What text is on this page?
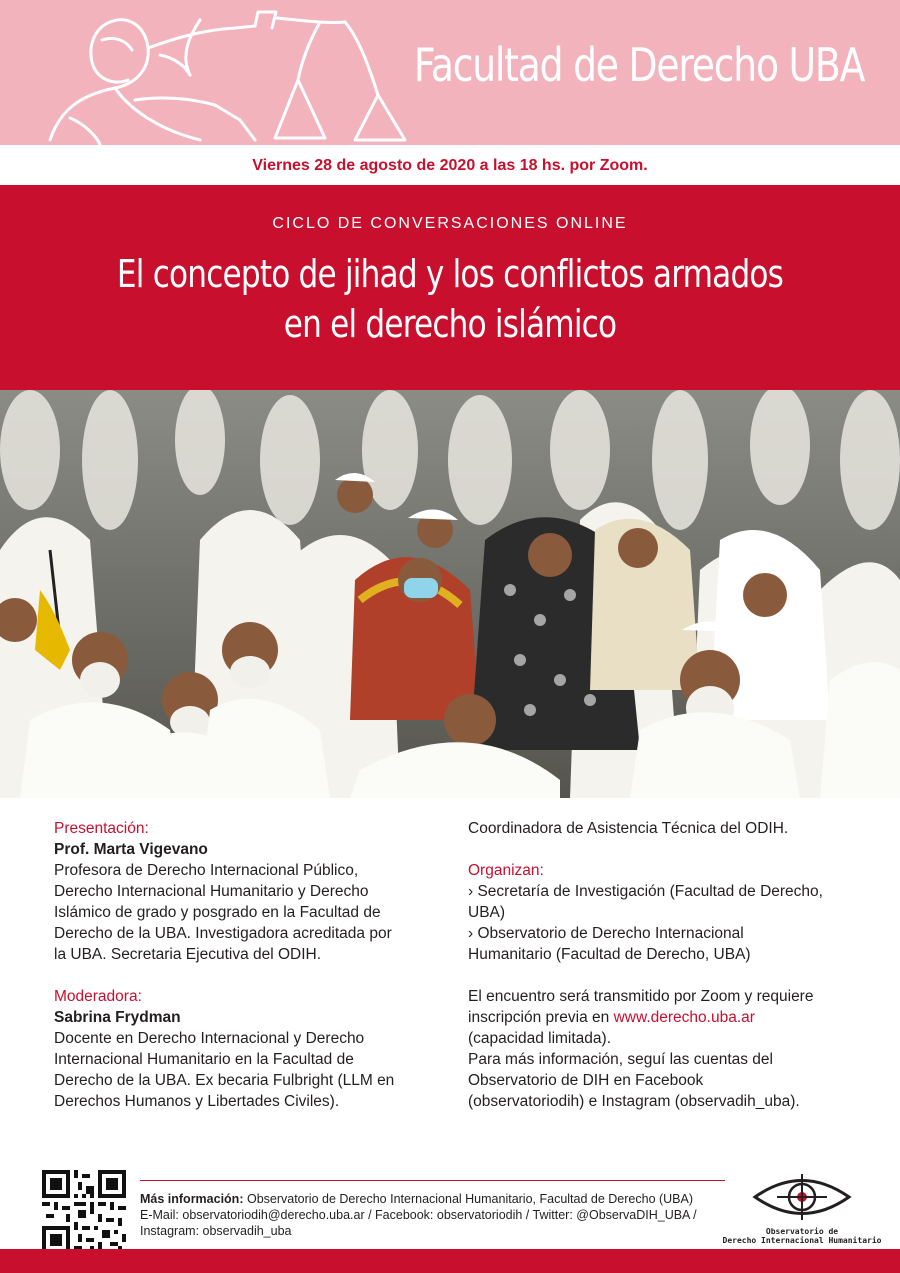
Facultad de Derecho UBA
Viernes 28 de agosto de 2020 a las 18 hs. por Zoom.
CICLO DE CONVERSACIONES ONLINE
El concepto de jihad y los conflictos armados
en el derecho islámico
Presentación:
Prof. Marta Vigevano
Profesora de Derecho Internacional Público,
Derecho Internacional Humanitario y Derecho
Islámico de grado y posgrado en la Facultad de
Derecho de la UBA. Investigadora acreditada por
la UBA. Secretaria Ejecutiva del ODIH.
Moderadora:
Sabrina Frydman
Docente en Derecho Internacional y Derecho
Internacional Humanitario en la Facultad de
Derecho de la UBA. Ex becaria Fulbright (LLM en
Derechos Humanos y Libertades Civiles).
Coordinadora de Asistencia Técnica del ODIH.
Organizan:
› Secretaría de Investigación (Facultad de Derecho,
UBA)
› Observatorio de Derecho Internacional
Humanitario (Facultad de Derecho, UBA)
El encuentro será transmitido por Zoom y requiere
inscripción previa en www.derecho.uba.ar
(capacidad limitada).
Para más información, seguí las cuentas del
Observatorio de DIH en Facebook
(observatoriodih) e Instagram (observadih_uba).
Más información: Observatorio de Derecho Internacional Humanitario, Facultad de Derecho (UBA)
E-Mail: observatoriodih@derecho.uba.ar / Facebook: observatoriodih / Twitter: @ObservaDIH_UBA /
Instagram: observadih_uba	Observatorio de
Derecho Internacional Humanitario
